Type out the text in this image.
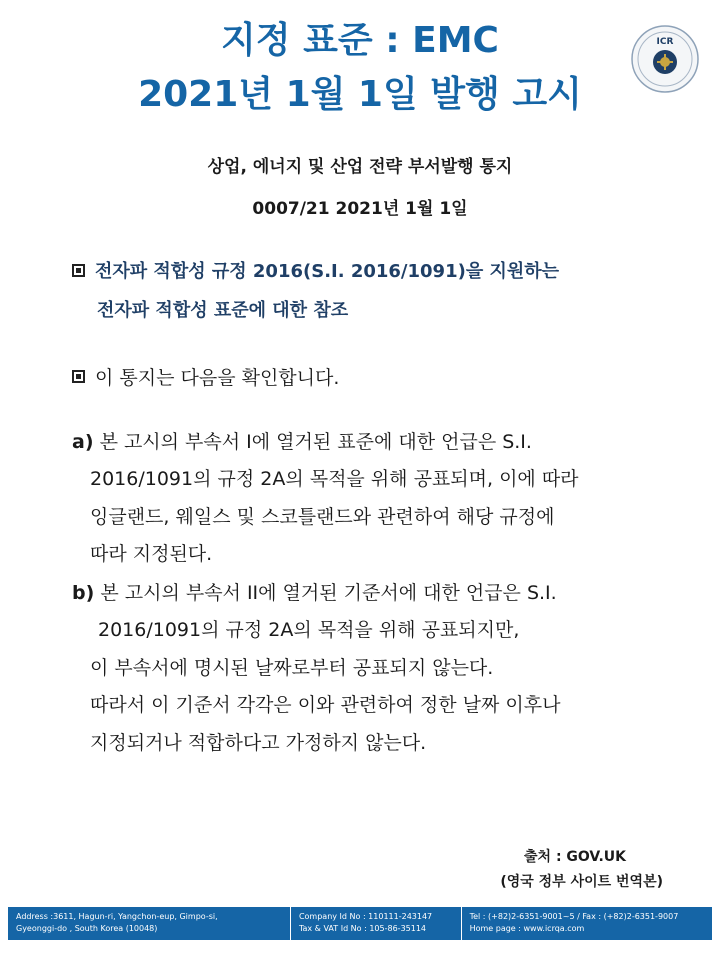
지정 표준 : EMC
2021년 1월 1일 발행 고시
ICR
상업, 에너지 및 산업 전략 부서발행 통지
0007/21 2021년 1월 1일
전자파 적합성 규정 2016(S.I. 2016/1091)을 지원하는
전자파 적합성 표준에 대한 참조
이 통지는 다음을 확인합니다.
a) 본 고시의 부속서 I에 열거된 표준에 대한 언급은 S.I.
2016/1091의 규정 2A의 목적을 위해 공표되며, 이에 따라
잉글랜드, 웨일스 및 스코틀랜드와 관련하여 해당 규정에
따라 지정된다.
b) 본 고시의 부속서 II에 열거된 기준서에 대한 언급은 S.I.
2016/1091의 규정 2A의 목적을 위해 공표되지만,
이 부속서에 명시된 날짜로부터 공표되지 않는다.
따라서 이 기준서 각각은 이와 관련하여 정한 날짜 이후나
지정되거나 적합하다고 가정하지 않는다.
출처 : GOV.UK
(영국 정부 사이트 번역본)
Address :3611, Hagun-ri, Yangchon-eup, Gimpo-si,
Gyeonggi-do , South Korea (10048)
Company Id No : 110111-243147
Tax & VAT Id No : 105-86-35114
Tel : (+82)2-6351-9001~5 / Fax : (+82)2-6351-9007
Home page : www.icrqa.com
